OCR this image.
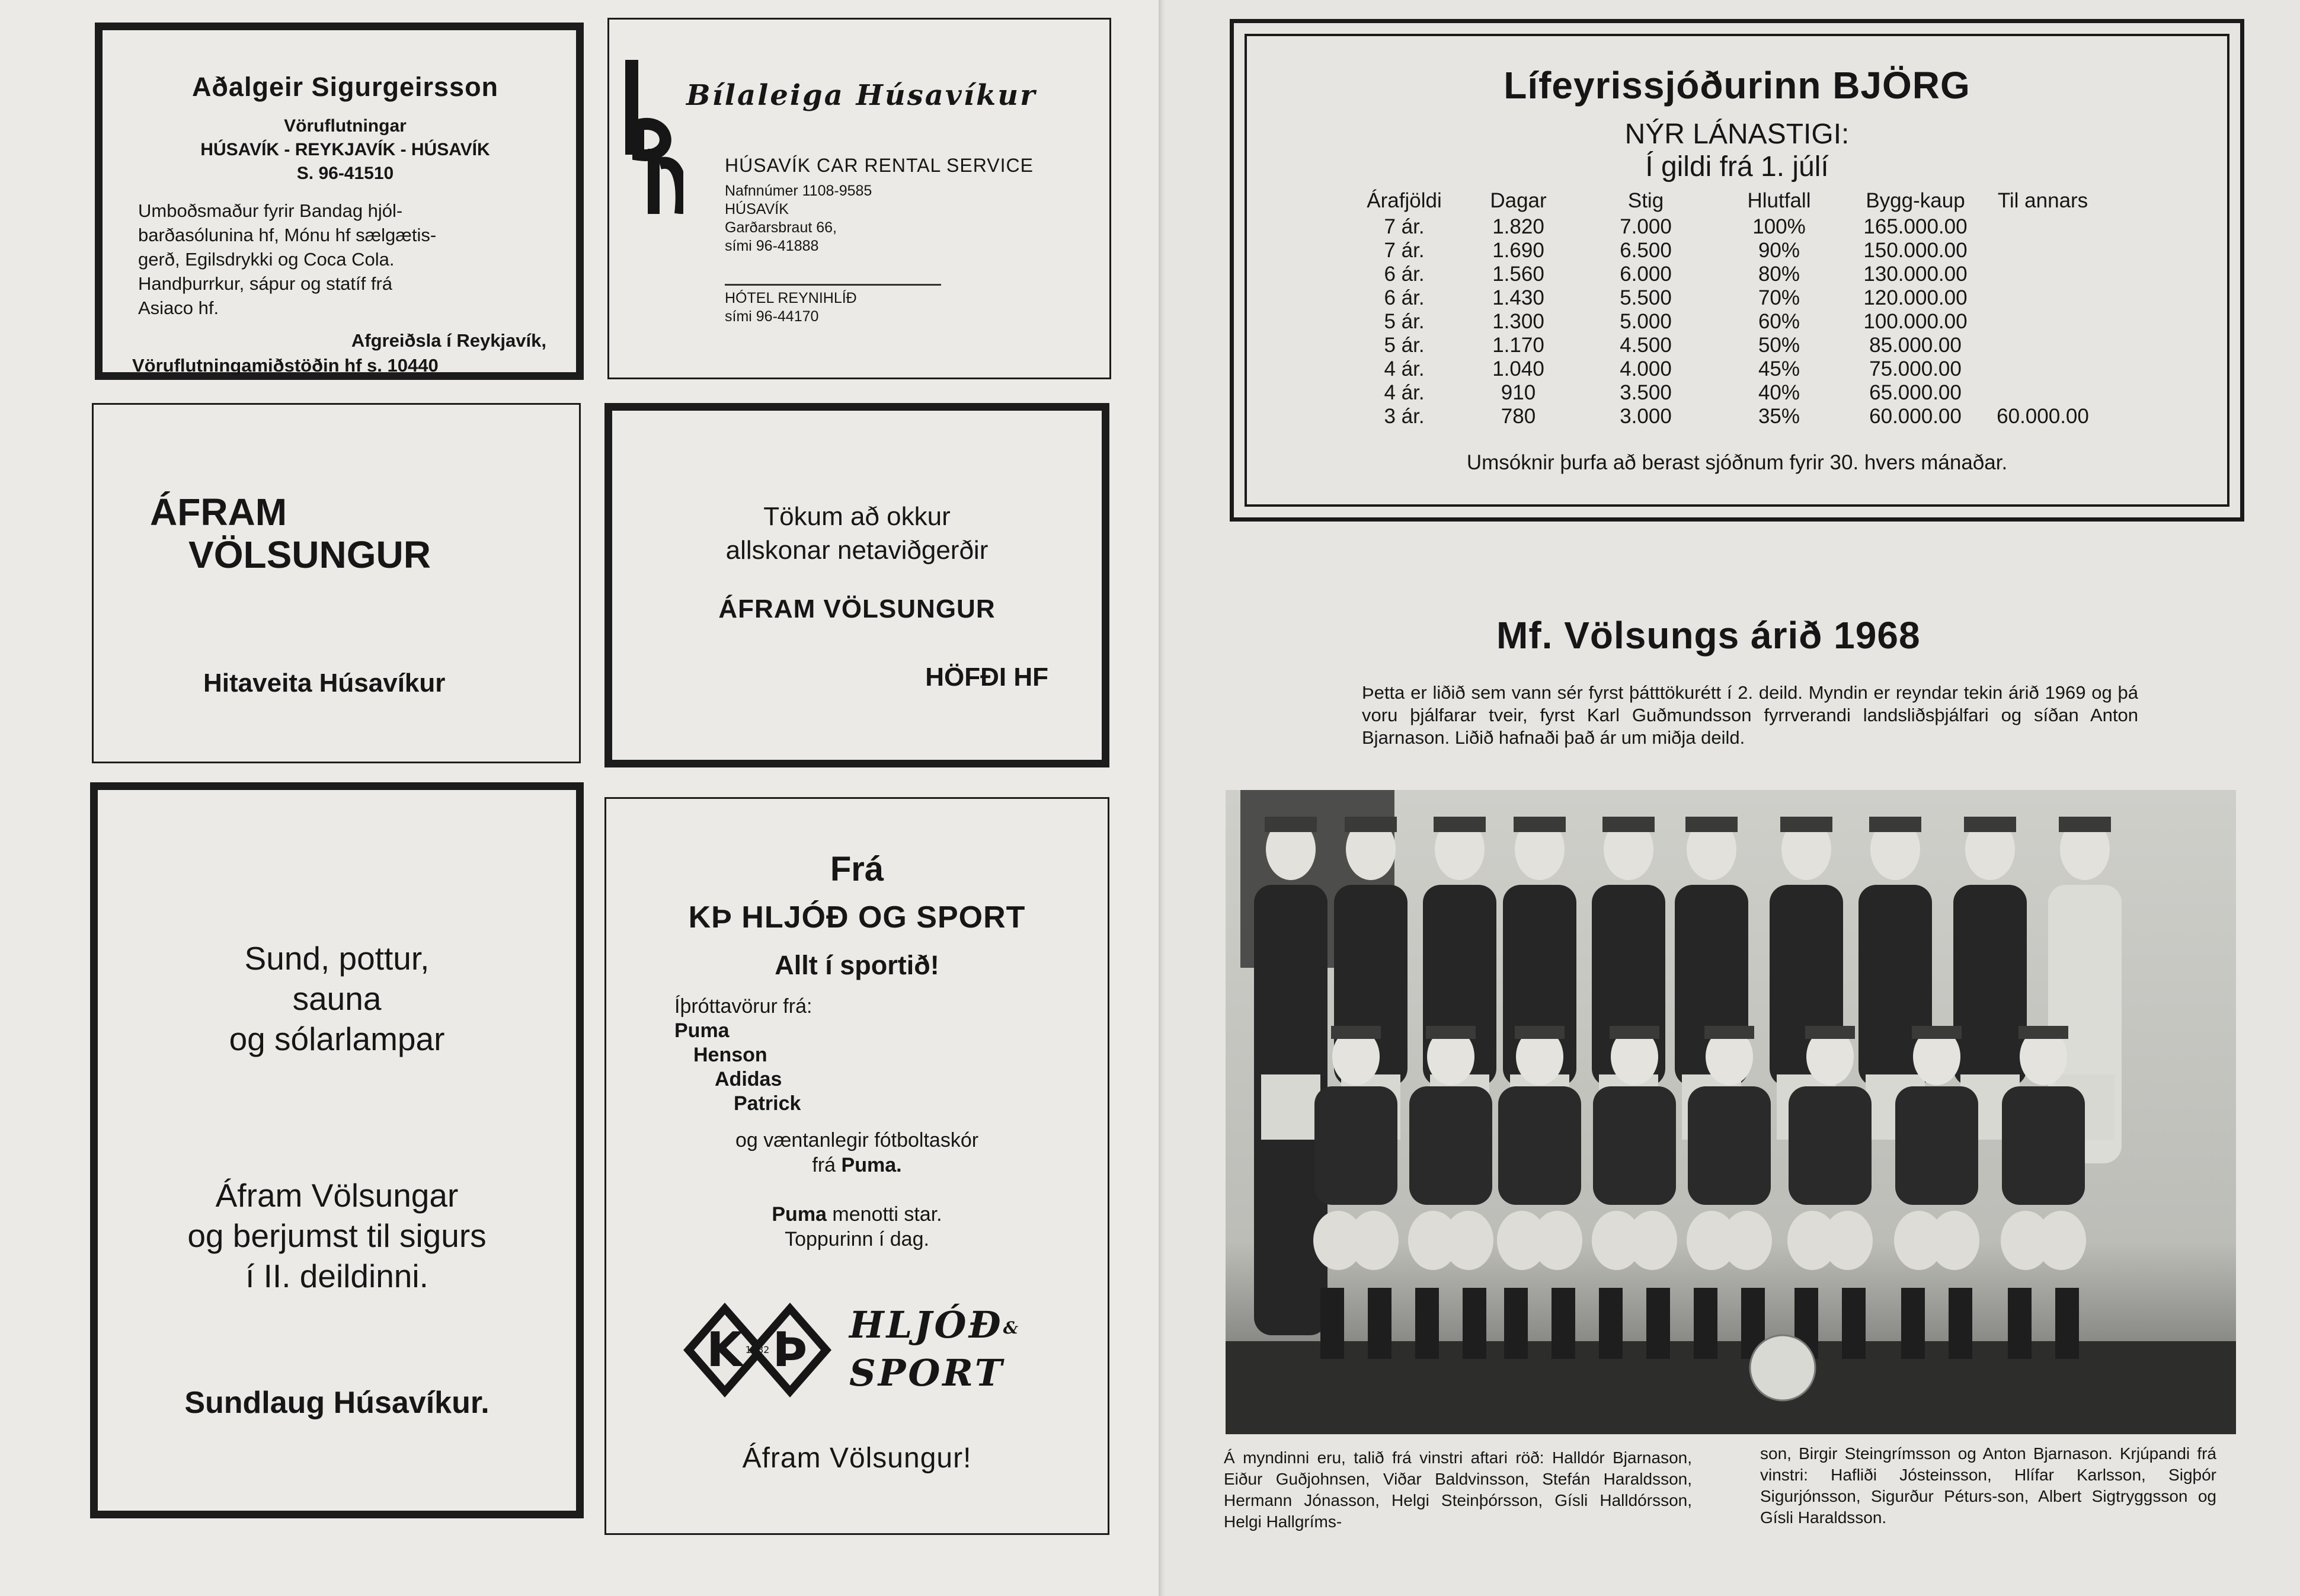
Aðalgeir Sigurgeirsson
Vöruflutningar
HÚSAVÍK - REYKJAVÍK - HÚSAVÍK
S. 96-41510
Umboðsmaður fyrir Bandag hjól-
barðasólunina hf, Mónu hf sælgætis-
gerð, Egilsdrykki og Coca Cola.
Handþurrkur, sápur og statíf frá
Asiaco hf.
Afgreiðsla í Reykjavík,
Vöruflutningamiðstöðin hf s. 10440
Bílaleiga Húsavíkur
HÚSAVÍK CAR RENTAL SERVICE
Nafnnúmer 1108-9585
HÚSAVÍK
Garðarsbraut 66,
sími 96-41888
HÓTEL REYNIHLÍÐ
sími 96-44170
ÁFRAM
VÖLSUNGUR
Hitaveita Húsavíkur
Tökum að okkur
allskonar netaviðgerðir
ÁFRAM VÖLSUNGUR
HÖFÐI HF
Sund, pottur,
sauna
og sólarlampar
Áfram Völsungar
og berjumst til sigurs
í II. deildinni.
Sundlaug Húsavíkur.
Frá
KÞ HLJÓÐ OG SPORT
Allt í sportið!
Íþróttavörur frá:
Puma
Henson
Adidas
Patrick
og væntanlegir fótboltaskór
frá Puma.
Puma menotti star.
Toppurinn í dag.
K Þ
1882
HLJÓÐ&
SPORT
Áfram Völsungur!
Lífeyrissjóðurinn BJÖRG
NÝR LÁNASTIGI:
Í gildi frá 1. júlí
Árafjöldi	Dagar	Stig	Hlutfall	Bygg-kaup	Til annars
7 ár.	1.820	7.000	100%	165.000.00	
7 ár.	1.690	6.500	90%	150.000.00	
6 ár.	1.560	6.000	80%	130.000.00	
6 ár.	1.430	5.500	70%	120.000.00	
5 ár.	1.300	5.000	60%	100.000.00	
5 ár.	1.170	4.500	50%	85.000.00	
4 ár.	1.040	4.000	45%	75.000.00	
4 ár.	910	3.500	40%	65.000.00	
3 ár.	780	3.000	35%	60.000.00	60.000.00
Umsóknir þurfa að berast sjóðnum fyrir 30. hvers mánaðar.
Mf. Völsungs árið 1968
Þetta er liðið sem vann sér fyrst þátttökurétt í 2. deild. Myndin er reyndar tekin árið 1969 og þá voru þjálfarar tveir, fyrst Karl Guðmundsson fyrrverandi landsliðsþjálfari og síðan Anton Bjarnason. Liðið hafnaði það ár um miðja deild.
Á myndinni eru, talið frá vinstri aftari röð: Halldór Bjarnason, Eiður Guðjohnsen, Viðar Baldvinsson, Stefán Haraldsson, Hermann Jónasson, Helgi Steinþórsson, Gísli Halldórsson, Helgi Hallgríms-
son, Birgir Steingrímsson og Anton Bjarnason. Krjúpandi frá vinstri: Hafliði Jósteinsson, Hlífar Karlsson, Sigþór Sigurjónsson, Sigurður Péturs-son, Albert Sigtryggsson og Gísli Haraldsson.
